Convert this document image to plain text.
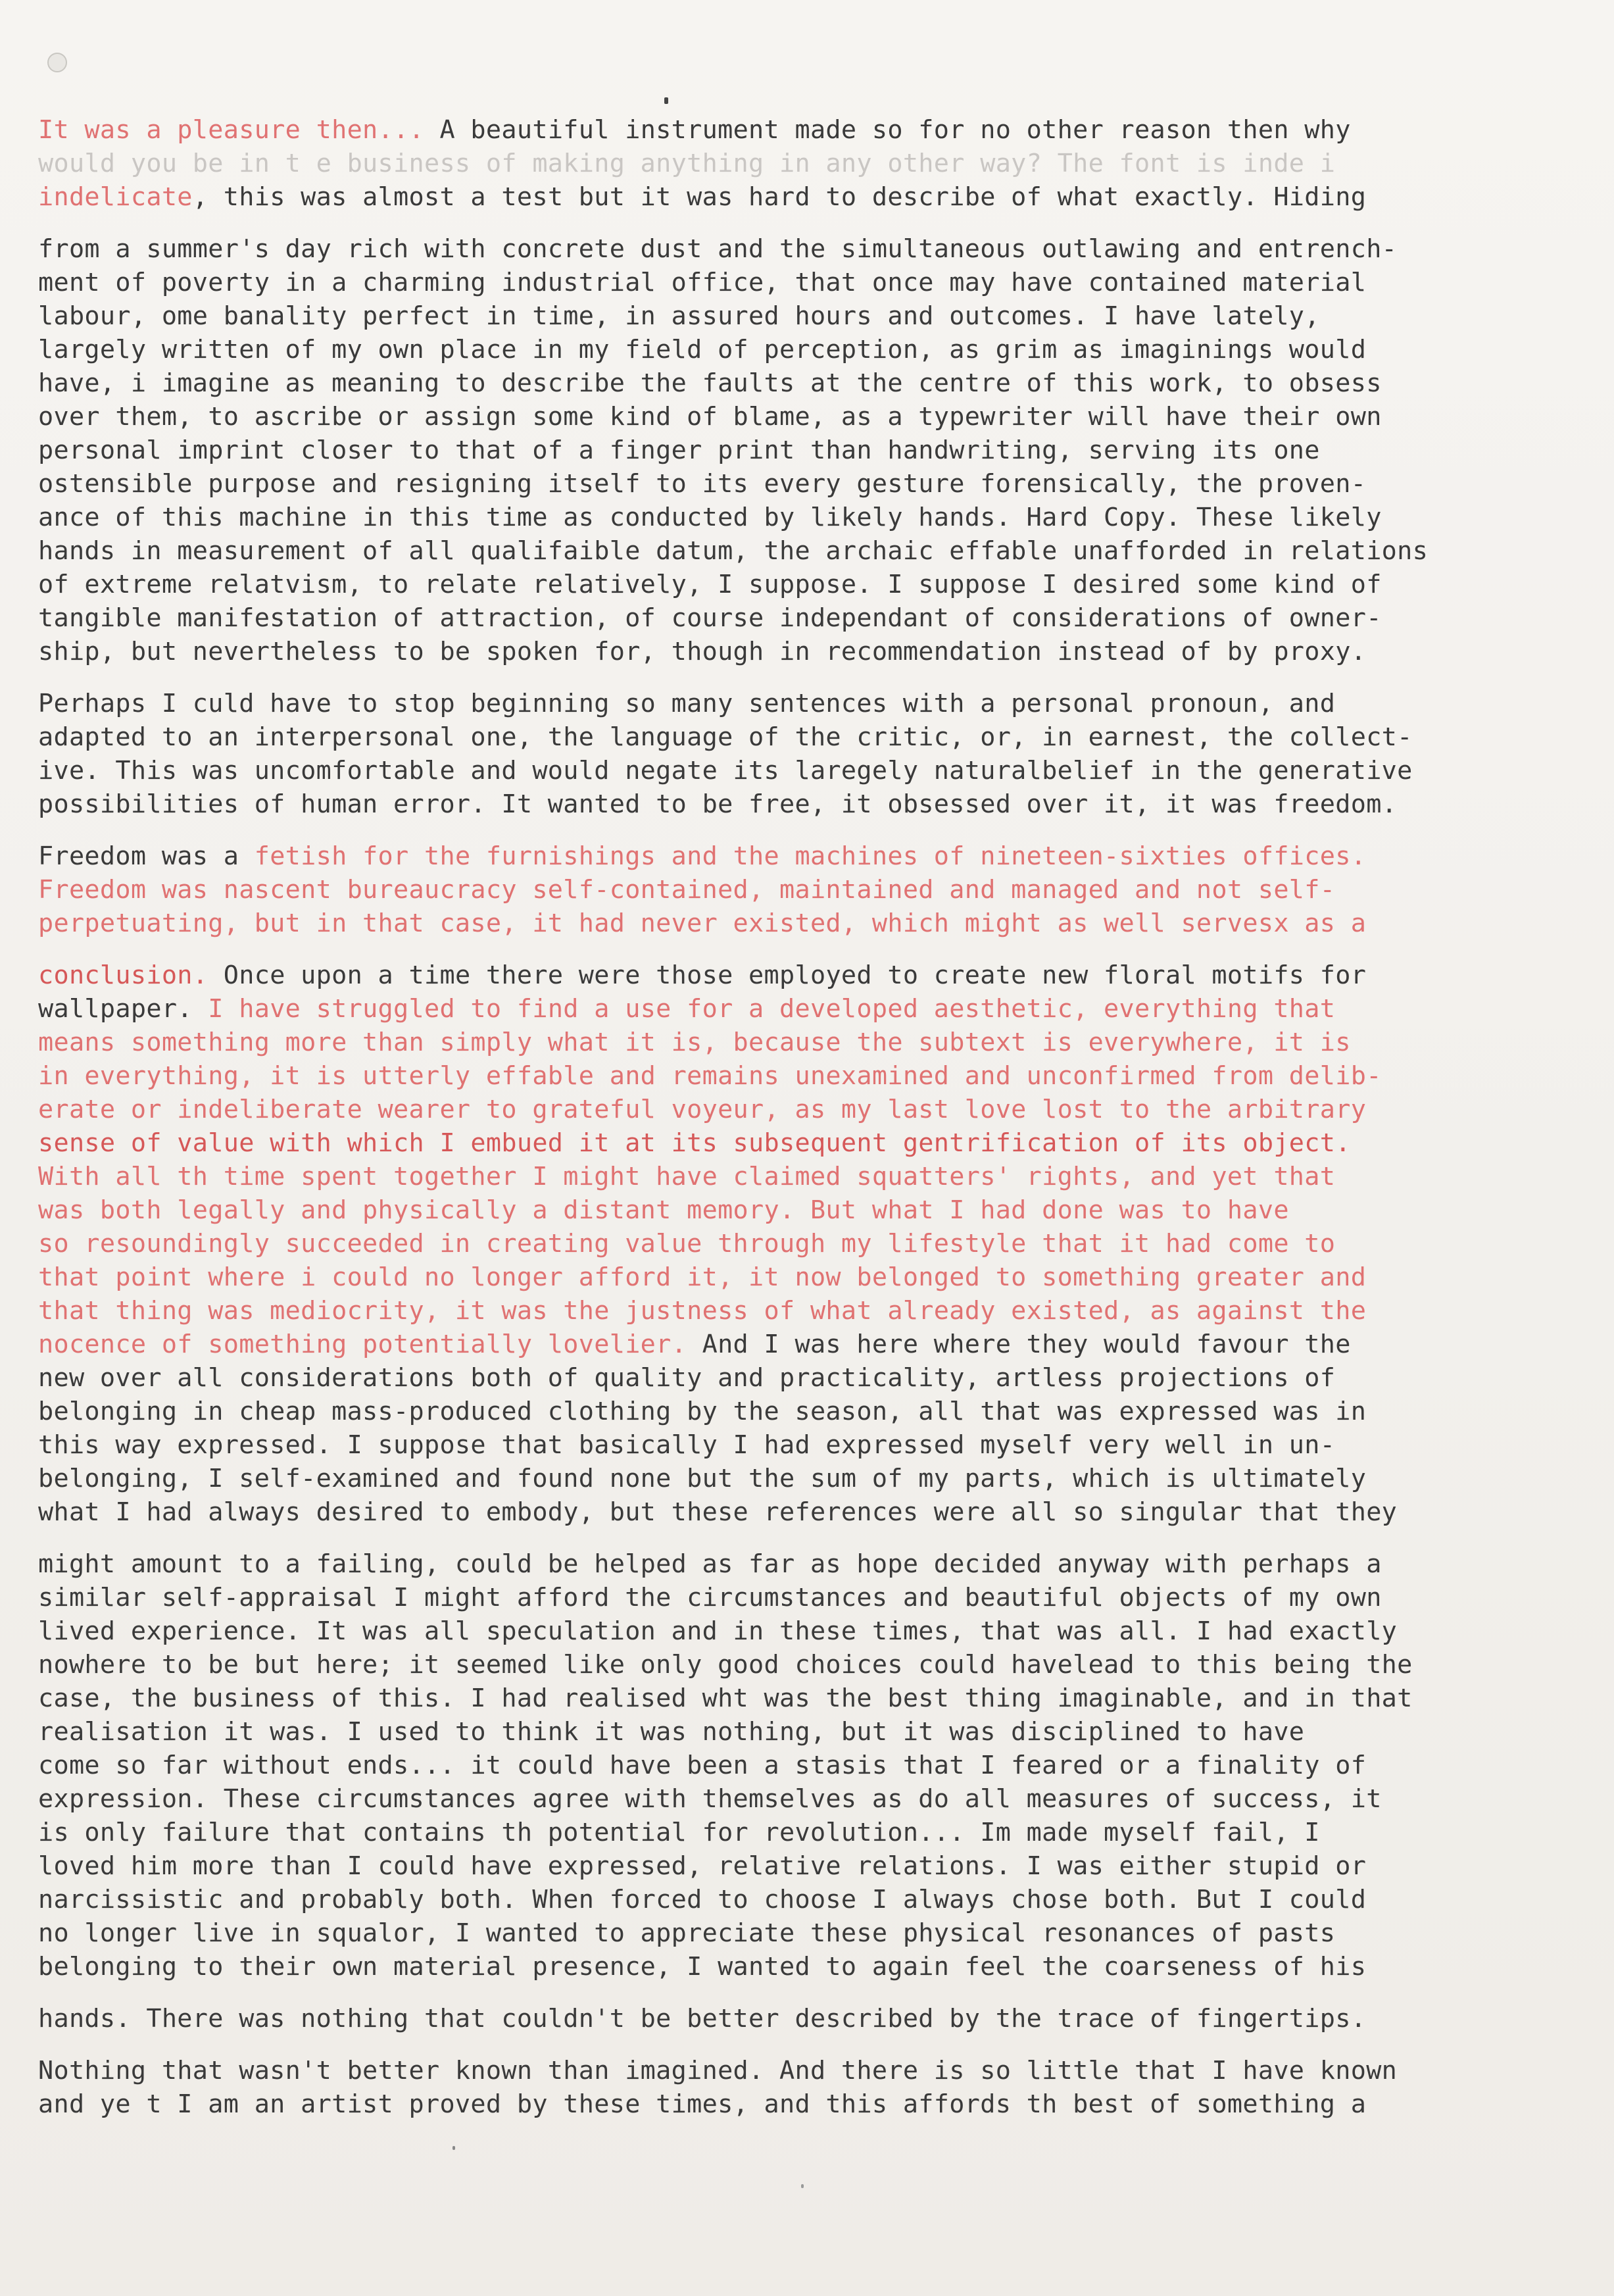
It was a pleasure then... A beautiful instrument made so for no other reason then why
would you be in t e business of making anything in any other way? The font is inde i
indelicate, this was almost a test but it was hard to describe of what exactly. Hiding
from a summer's day rich with concrete dust and the simultaneous outlawing and entrench-
ment of poverty in a charming industrial office, that once may have contained material
labour, ome banality perfect in time, in assured hours and outcomes. I have lately,
largely written of my own place in my field of perception, as grim as imaginings would
have, i imagine as meaning to describe the faults at the centre of this work, to obsess
over them, to ascribe or assign some kind of blame, as a typewriter will have their own
personal imprint closer to that of a finger print than handwriting, serving its one
ostensible purpose and resigning itself to its every gesture forensically, the proven-
ance of this machine in this time as conducted by likely hands. Hard Copy. These likely
hands in measurement of all qualifaible datum, the archaic effable unafforded in relations
of extreme relatvism, to relate relatively, I suppose. I suppose I desired some kind of
tangible manifestation of attraction, of course independant of considerations of owner-
ship, but nevertheless to be spoken for, though in recommendation instead of by proxy.
Perhaps I culd have to stop beginning so many sentences with a personal pronoun, and
adapted to an interpersonal one, the language of the critic, or, in earnest, the collect-
ive. This was uncomfortable and would negate its laregely naturalbelief in the generative
possibilities of human error. It wanted to be free, it obsessed over it, it was freedom.
Freedom was a fetish for the furnishings and the machines of nineteen-sixties offices.
Freedom was nascent bureaucracy self-contained, maintained and managed and not self-
perpetuating, but in that case, it had never existed, which might as well servesx as a
conclusion. Once upon a time there were those employed to create new floral motifs for
wallpaper. I have struggled to find a use for a developed aesthetic, everything that
means something more than simply what it is, because the subtext is everywhere, it is
in everything, it is utterly effable and remains unexamined and unconfirmed from delib-
erate or indeliberate wearer to grateful voyeur, as my last love lost to the arbitrary
sense of value with which I embued it at its subsequent gentrification of its object.
With all th time spent together I might have claimed squatters' rights, and yet that
was both legally and physically a distant memory. But what I had done was to have
so resoundingly succeeded in creating value through my lifestyle that it had come to
that point where i could no longer afford it, it now belonged to something greater and
that thing was mediocrity, it was the justness of what already existed, as against the
nocence of something potentially lovelier. And I was here where they would favour the
new over all considerations both of quality and practicality, artless projections of
belonging in cheap mass-produced clothing by the season, all that was expressed was in
this way expressed. I suppose that basically I had expressed myself very well in un-
belonging, I self-examined and found none but the sum of my parts, which is ultimately
what I had always desired to embody, but these references were all so singular that they
might amount to a failing, could be helped as far as hope decided anyway with perhaps a
similar self-appraisal I might afford the circumstances and beautiful objects of my own
lived experience. It was all speculation and in these times, that was all. I had exactly
nowhere to be but here; it seemed like only good choices could havelead to this being the
case, the business of this. I had realised wht was the best thing imaginable, and in that
realisation it was. I used to think it was nothing, but it was disciplined to have
come so far without ends... it could have been a stasis that I feared or a finality of
expression. These circumstances agree with themselves as do all measures of success, it
is only failure that contains th potential for revolution... Im made myself fail, I
loved him more than I could have expressed, relative relations. I was either stupid or
narcissistic and probably both. When forced to choose I always chose both. But I could
no longer live in squalor, I wanted to appreciate these physical resonances of pasts
belonging to their own material presence, I wanted to again feel the coarseness of his
hands. There was nothing that couldn't be better described by the trace of fingertips.
Nothing that wasn't better known than imagined. And there is so little that I have known
and ye t I am an artist proved by these times, and this affords th best of something a
